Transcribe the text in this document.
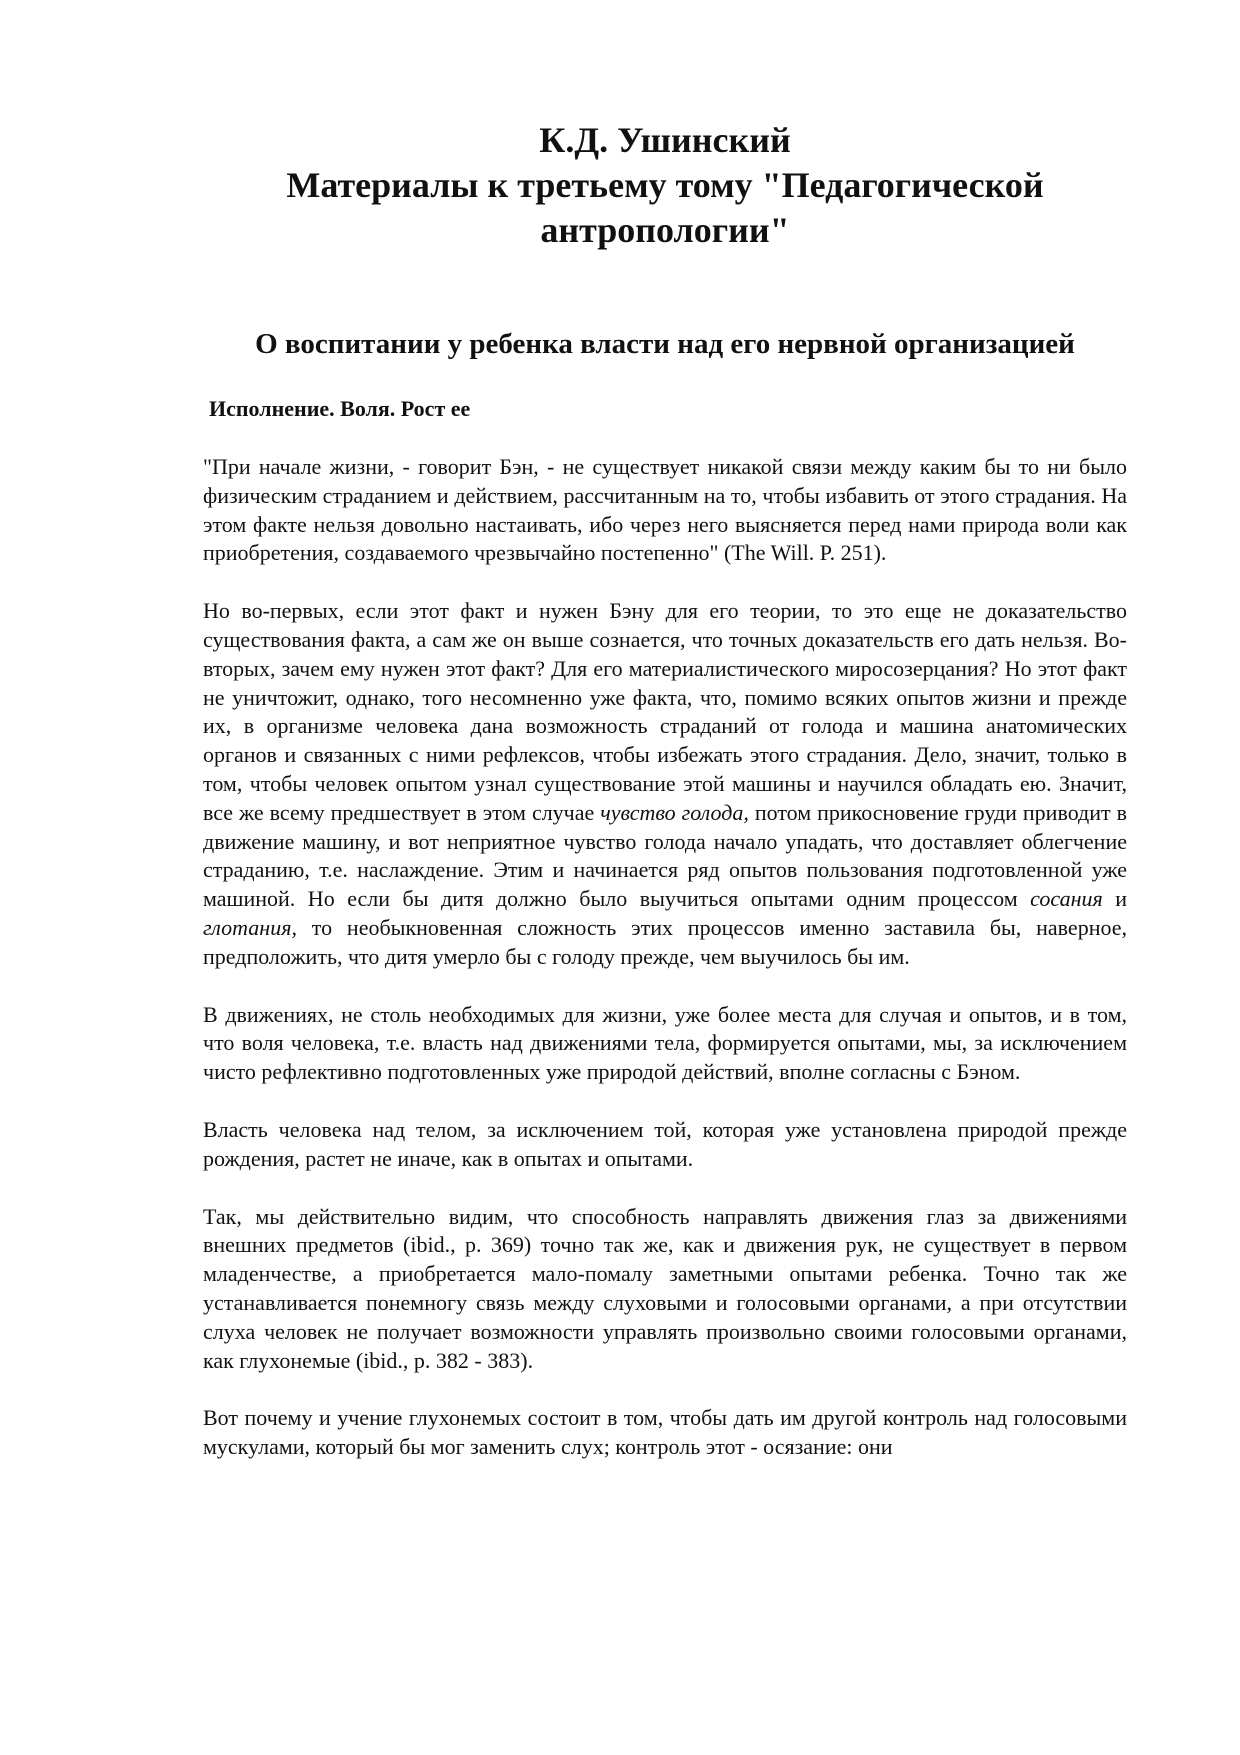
К.Д. Ушинский
Материалы к третьему тому "Педагогической
антропологии"
О воспитании у ребенка власти над его нервной организацией
Исполнение. Воля. Рост ее

"При начале жизни, - говорит Бэн, - не существует никакой связи между каким бы то ни было физическим страданием и действием, рассчитанным на то, чтобы избавить от этого страдания. На этом факте нельзя довольно настаивать, ибо через него выясняется перед нами природа воли как приобретения, создаваемого чрезвычайно постепенно" (The Will. P. 251).

Но во-первых, если этот факт и нужен Бэну для его теории, то это еще не доказательство существования факта, а сам же он выше сознается, что точных доказательств его дать нельзя. Во-вторых, зачем ему нужен этот факт? Для его материалистического миросозерцания? Но этот факт не уничтожит, однако, того несомненно уже факта, что, помимо всяких опытов жизни и прежде их, в организме человека дана возможность страданий от голода и машина анатомических органов и связанных с ними рефлексов, чтобы избежать этого страдания. Дело, значит, только в том, чтобы человек опытом узнал существование этой машины и научился обладать ею. Значит, все же всему предшествует в этом случае чувство голода, потом прикосновение груди приводит в движение машину, и вот неприятное чувство голода начало упадать, что доставляет облегчение страданию, т.е. наслаждение. Этим и начинается ряд опытов пользования подготовленной уже машиной. Но если бы дитя должно было выучиться опытами одним процессом сосания и глотания, то необыкновенная сложность этих процессов именно заставила бы, наверное, предположить, что дитя умерло бы с голоду прежде, чем выучилось бы им.

В движениях, не столь необходимых для жизни, уже более места для случая и опытов, и в том, что воля человека, т.е. власть над движениями тела, формируется опытами, мы, за исключением чисто рефлективно подготовленных уже природой действий, вполне согласны с Бэном.

Власть человека над телом, за исключением той, которая уже установлена природой прежде рождения, растет не иначе, как в опытах и опытами.

Так, мы действительно видим, что способность направлять движения глаз за движениями внешних предметов (ibid., p. 369) точно так же, как и движения рук, не существует в первом младенчестве, а приобретается мало-помалу заметными опытами ребенка. Точно так же устанавливается понемногу связь между слуховыми и голосовыми органами, а при отсутствии слуха человек не получает возможности управлять произвольно своими голосовыми органами, как глухонемые (ibid., p. 382 - 383).

Вот почему и учение глухонемых состоит в том, чтобы дать им другой контроль над голосовыми мускулами, который бы мог заменить слух; контроль этот - осязание: они
